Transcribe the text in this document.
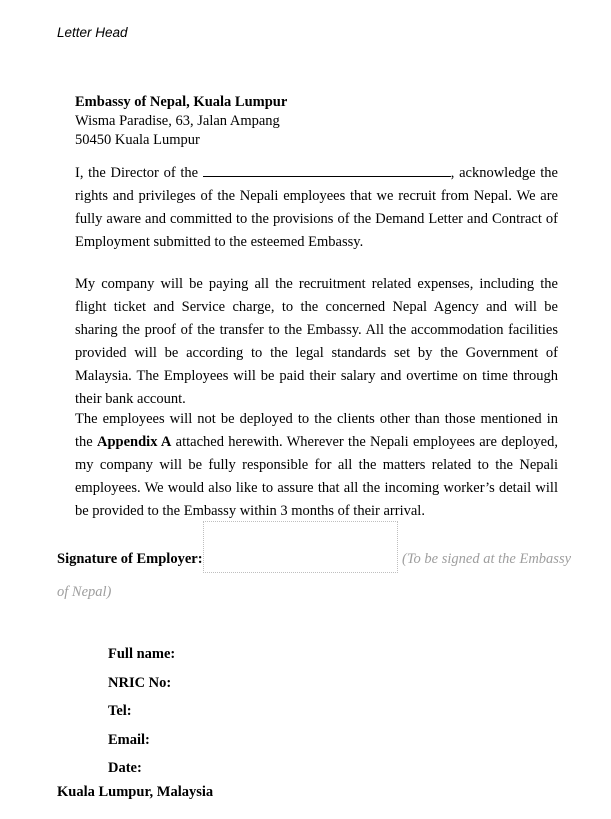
Letter Head
Embassy of Nepal, Kuala Lumpur
Wisma Paradise, 63, Jalan Ampang
50450 Kuala Lumpur

I, the Director of the	, acknowledge the rights and privileges of the Nepali employees that we recruit from Nepal. We are fully aware and committed to the provisions of the Demand Letter and Contract of Employment submitted to the esteemed Embassy.

My company will be paying all the recruitment related expenses, including the flight ticket and Service charge, to the concerned Nepal Agency and will be sharing the proof of the transfer to the Embassy. All the accommodation facilities provided will be according to the legal standards set by the Government of Malaysia. The Employees will be paid their salary and overtime on time through their bank account.

The employees will not be deployed to the clients other than those mentioned in the Appendix A attached herewith. Wherever the Nepali employees are deployed, my company will be fully responsible for all the matters related to the Nepali employees. We would also like to assure that all the incoming worker’s detail will be provided to the Embassy within 3 months of their arrival.

Signature of Employer:	(To be signed at the Embassy
of Nepal)
Full name:
NRIC No:
Tel:
Email:
Date:
Kuala Lumpur, Malaysia
